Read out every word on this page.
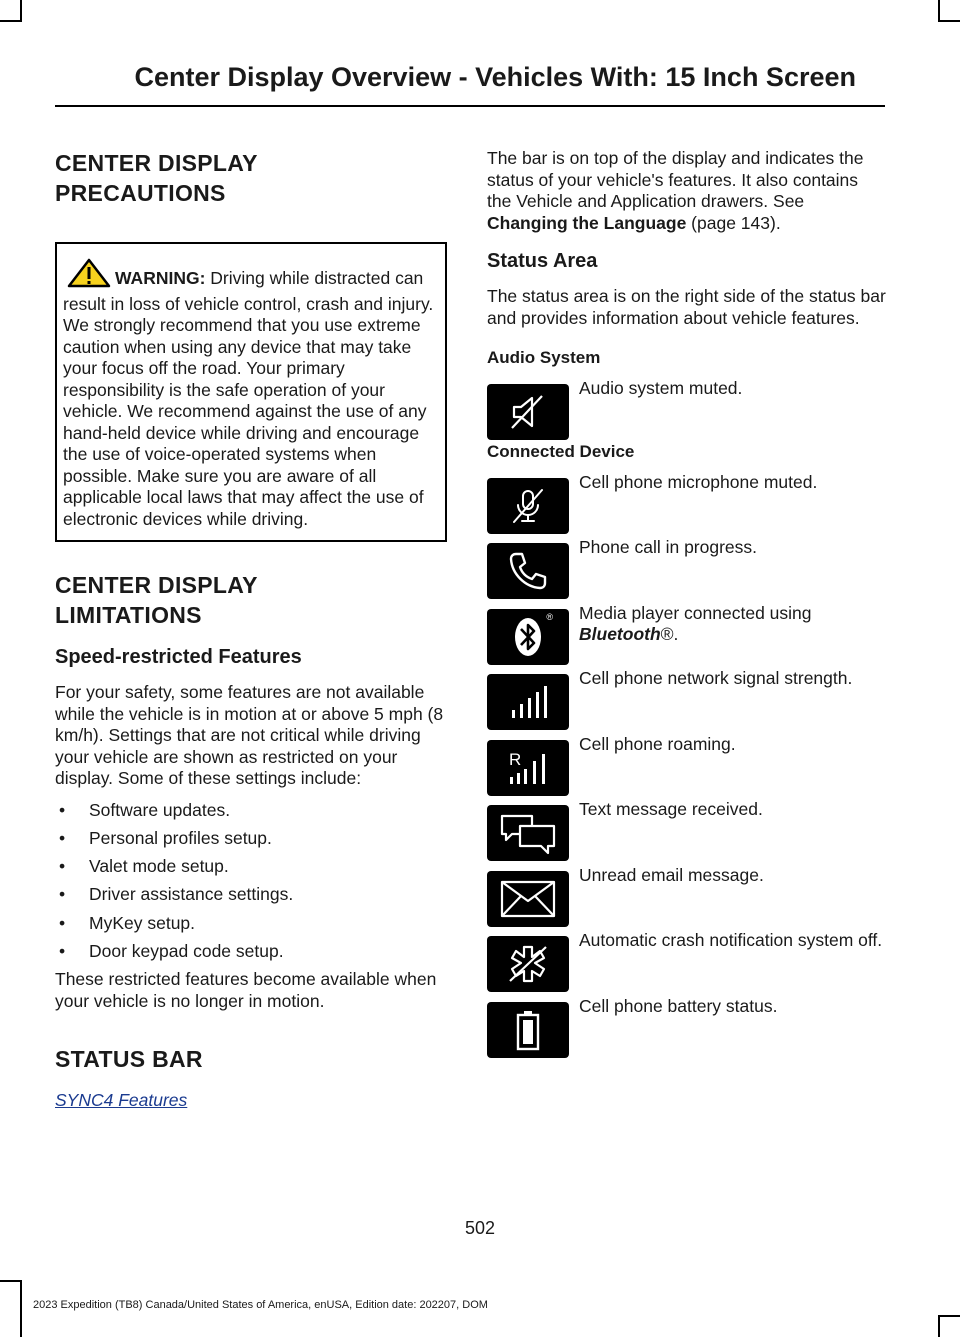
Center Display Overview - Vehicles With: 15 Inch Screen
CENTER DISPLAY
PRECAUTIONS
WARNING: Driving while distracted can result in loss of vehicle control, crash and injury. We strongly recommend that you use extreme caution when using any device that may take your focus off the road. Your primary responsibility is the safe operation of your vehicle. We recommend against the use of any hand-held device while driving and encourage the use of voice-operated systems when possible. Make sure you are aware of all applicable local laws that may affect the use of electronic devices while driving.
CENTER DISPLAY
LIMITATIONS
Speed-restricted Features

For your safety, some features are not available while the vehicle is in motion at or above 5 mph (8 km/h). Settings that are not critical while driving your vehicle are shown as restricted on your display. Some of these settings include:

• Software updates.
• Personal profiles setup.
• Valet mode setup.
• Driver assistance settings.
• MyKey setup.
• Door keypad code setup.

These restricted features become available when your vehicle is no longer in motion.

STATUS BAR
SYNC4 Features

The bar is on top of the display and indicates the status of your vehicle's features. It also contains the Vehicle and Application drawers. See Changing the Language (page 143).

Status Area

The status area is on the right side of the status bar and provides information about vehicle features.

Audio System
Audio system muted.
Connected Device
Cell phone microphone muted.
Phone call in progress.
® Media player connected using
Bluetooth®.
Cell phone network signal strength.
R
Cell phone roaming.
Text message received.
Unread email message.
Automatic crash notification system off.
Cell phone battery status.
502
2023 Expedition (TB8) Canada/United States of America, enUSA, Edition date: 202207, DOM
